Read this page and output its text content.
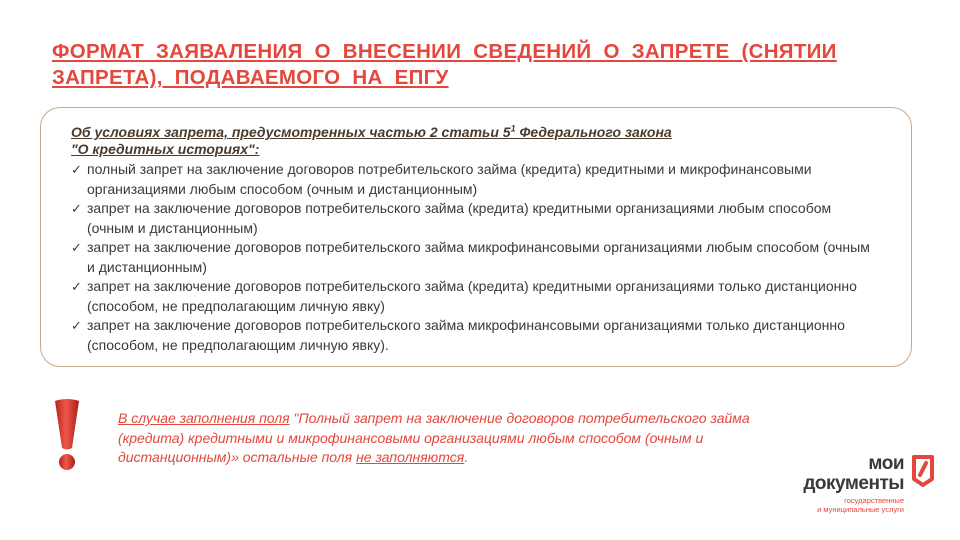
ФОРМАТ ЗАЯВАЛЕНИЯ О ВНЕСЕНИИ СВЕДЕНИЙ О ЗАПРЕТЕ (СНЯТИИ
ЗАПРЕТА), ПОДАВАЕМОГО НА ЕПГУ
Об условиях запрета, предусмотренных частью 2 статьи $5^1$ Федерального закона
"О кредитных историях":
✓ полный запрет на заключение договоров потребительского займа (кредита) кредитными и микрофинансовыми организациями любым способом (очным и дистанционным)
✓ запрет на заключение договоров потребительского займа (кредита) кредитными организациями любым способом (очным и дистанционным)
✓ запрет на заключение договоров потребительского займа микрофинансовыми организациями любым способом (очным и дистанционным)
✓ запрет на заключение договоров потребительского займа (кредита) кредитными организациями только дистанционно (способом, не предполагающим личную явку)
✓ запрет на заключение договоров потребительского займа микрофинансовыми организациями только дистанционно (способом, не предполагающим личную явку).
В случае заполнения поля "Полный запрет на заключение договоров потребительского займа (кредита) кредитными и микрофинансовыми организациями любым способом (очным и дистанционным)» остальные поля не заполняются.	мои
документы
государственные
и муниципальные услуги
